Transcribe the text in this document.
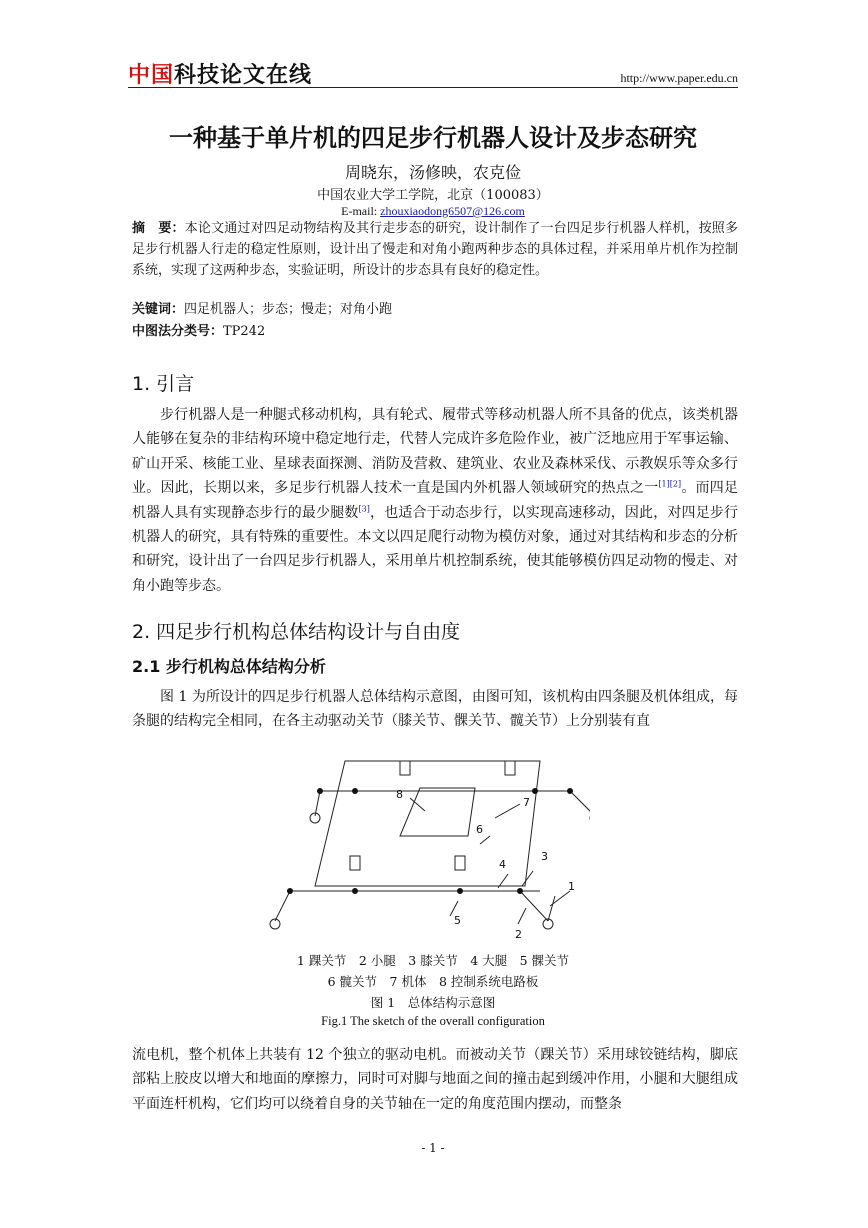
中国科技论文在线	http://www.paper.edu.cn
一种基于单片机的四足步行机器人设计及步态研究
周晓东，汤修映，农克俭
中国农业大学工学院，北京（100083）
E-mail: zhouxiaodong6507@126.com
摘　要：本论文通过对四足动物结构及其行走步态的研究，设计制作了一台四足步行机器人样机，按照多足步行机器人行走的稳定性原则，设计出了慢走和对角小跑两种步态的具体过程，并采用单片机作为控制系统，实现了这两种步态，实验证明，所设计的步态具有良好的稳定性。
关键词：四足机器人；步态；慢走；对角小跑
中图法分类号：TP242
1. 引言
步行机器人是一种腿式移动机构，具有轮式、履带式等移动机器人所不具备的优点，该类机器人能够在复杂的非结构环境中稳定地行走，代替人完成许多危险作业，被广泛地应用于军事运输、矿山开采、核能工业、星球表面探测、消防及营救、建筑业、农业及森林采伐、示教娱乐等众多行业。因此，长期以来，多足步行机器人技术一直是国内外机器人领域研究的热点之一[1][2]。而四足机器人具有实现静态步行的最少腿数[3]，也适合于动态步行，以实现高速移动，因此，对四足步行机器人的研究，具有特殊的重要性。本文以四足爬行动物为模仿对象，通过对其结构和步态的分析和研究，设计出了一台四足步行机器人，采用单片机控制系统，使其能够模仿四足动物的慢走、对角小跑等步态。
2. 四足步行机构总体结构设计与自由度
2.1 步行机构总体结构分析
图 1 为所设计的四足步行机器人总体结构示意图，由图可知，该机构由四条腿及机体组成，每条腿的结构完全相同，在各主动驱动关节（膝关节、髁关节、髋关节）上分别装有直
1
2
3
4
5
6
7
8
1 踝关节　2 小腿　3 膝关节　4 大腿　5 髁关节
6 髋关节　7 机体　8 控制系统电路板
图 1　总体结构示意图
Fig.1 The sketch of the overall configuration
流电机，整个机体上共装有 12 个独立的驱动电机。而被动关节（踝关节）采用球铰链结构，脚底部粘上胶皮以增大和地面的摩擦力，同时可对脚与地面之间的撞击起到缓冲作用，小腿和大腿组成平面连杆机构，它们均可以绕着自身的关节轴在一定的角度范围内摆动，而整条
- 1 -
